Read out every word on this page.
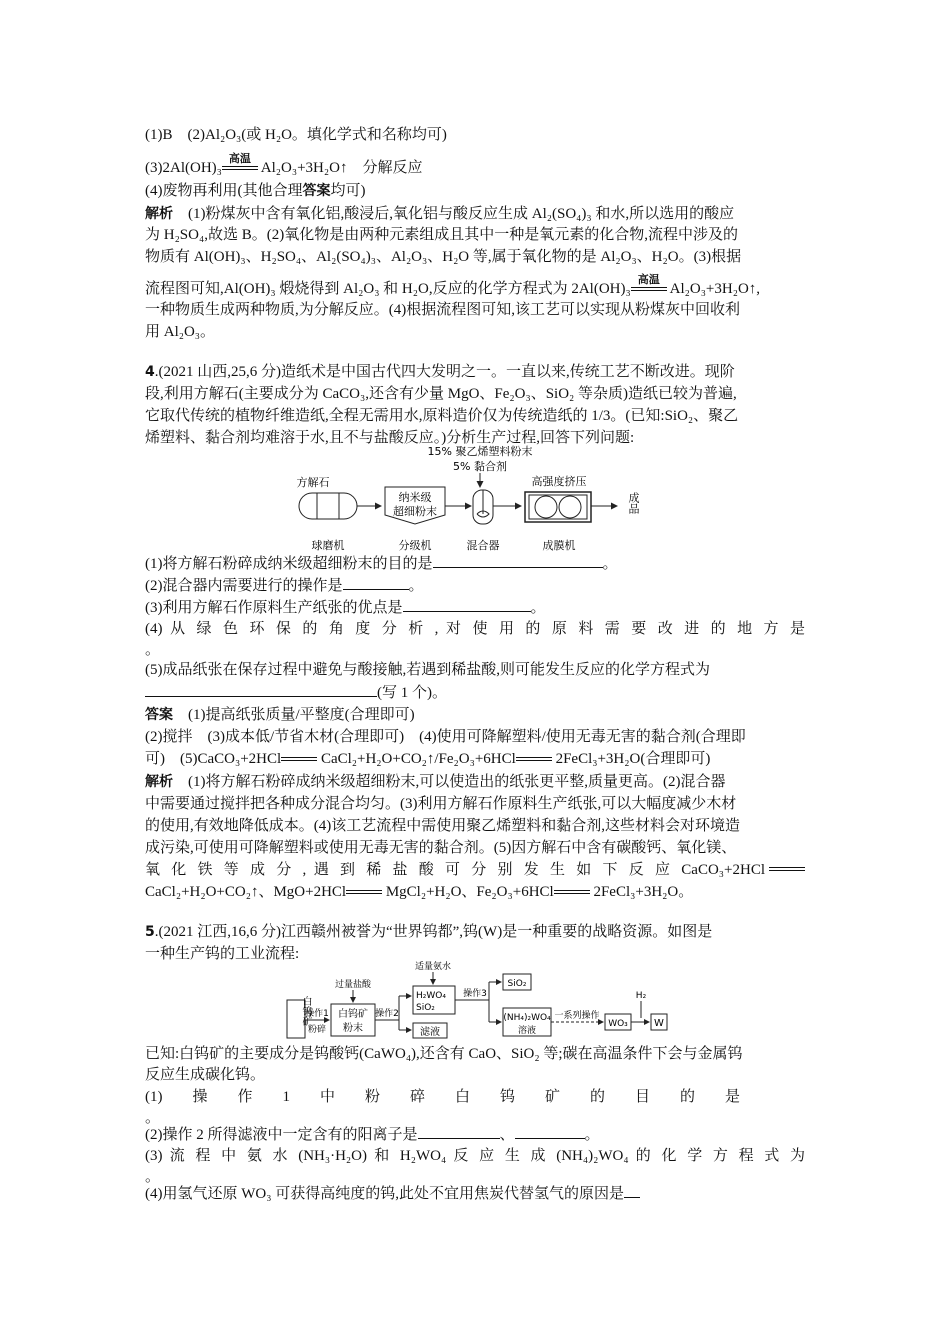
(1)B　(2)Al₂O₃(或 H₂O。填化学式和名称均可)
(3)2Al(OH)₃
高温
Al₂O₃+3H₂O↑　分解反应
(4)废物再利用(其他合理答案均可)
解析　 (1)粉煤灰中含有氧化铝,酸浸后,氧化铝与酸反应生成 Al₂(SO₄)₃ 和水,所以选用的酸应
为 H₂SO₄,故选 B。(2)氧化物是由两种元素组成且其中一种是氧元素的化合物,流程中涉及的
物质有 Al(OH)₃、H₂SO₄、Al₂(SO₄)₃、Al₂O₃、H₂O 等,属于氧化物的是 Al₂O₃、H₂O。(3)根据
流程图可知,Al(OH)₃ 煅烧得到 Al₂O₃ 和 H₂O,反应的化学方程式为 2Al(OH)₃
高温
Al₂O₃+3H₂O↑,
一种物质生成两种物质,为分解反应。(4)根据流程图可知,该工艺可以实现从粉煤灰中回收利
用 Al₂O₃。
4.(2021 山西,25,6 分)造纸术是中国古代四大发明之一。一直以来,传统工艺不断改进。现阶
段,利用方解石(主要成分为 CaCO₃,还含有少量 MgO、Fe₂O₃、SiO₂ 等杂质)造纸已较为普遍,
它取代传统的植物纤维造纸,全程无需用水,原料造价仅为传统造纸的 1/3。(已知:SiO₂、聚乙
烯塑料、黏合剂均难溶于水,且不与盐酸反应。)分析生产过程,回答下列问题:
15% 聚乙烯塑料粉末
5% 黏合剂
方解石
纳米级
超细粉末
高强度挤压
成品
球磨机	分级机	混合器	成膜机
(1)将方解石粉碎成纳米级超细粉末的目的是	。
(2)混合器内需要进行的操作是	。
(3)利用方解石作原料生产纸张的优点是	。
(4) 从 绿 色 环 保 的 角 度 分 析 , 对 使 用 的 原 料 需 要 改 进 的 地 方 是
。
(5)成品纸张在保存过程中避免与酸接触,若遇到稀盐酸,则可能发生反应的化学方程式为
(写 1 个)。
答案　 (1)提高纸张质量/平整度(合理即可)
(2)搅拌　(3)成本低/节省木材(合理即可)　(4)使用可降解塑料/使用无毒无害的黏合剂(合理即
可)　(5)CaCO₃+2HCl CaCl₂+H₂O+CO₂↑/Fe₂O₃+6HCl 2FeCl₃+3H₂O(合理即可)
解析　 (1)将方解石粉碎成纳米级超细粉末,可以使造出的纸张更平整,质量更高。(2)混合器
中需要通过搅拌把各种成分混合均匀。(3)利用方解石作原料生产纸张,可以大幅度减少木材
的使用,有效地降低成本。(4)该工艺流程中需使用聚乙烯塑料和黏合剂,这些材料会对环境造
成污染,可使用可降解塑料或使用无毒无害的黏合剂。(5)因方解石中含有碳酸钙、氧化镁、
氧 化 铁 等 成 分 , 遇 到 稀 盐 酸 可 分 别 发 生 如 下 反 应 CaCO₃+2HCl
CaCl₂+H₂O+CO₂↑、MgO+2HCl MgCl₂+H₂O、Fe₂O₃+6HCl 2FeCl₃+3H₂O。
5.(2021 江西,16,6 分)江西赣州被誉为“世界钨都”,钨(W)是一种重要的战略资源。如图是
一种生产钨的工业流程:
白钨矿
操作1
粉碎
过量盐酸
白钨矿
粉末
操作2
适量氨水
H₂WO₄
SiO₂
滤液
操作3
SiO₂
(NH₄)₂WO₄
溶液
一系列操作
WO₃
H₂
W
已知:白钨矿的主要成分是钨酸钙(CaWO₄),还含有 CaO、SiO₂ 等;碳在高温条件下会与金属钨
反应生成碳化钨。
(1)　　操　　作　　1　　中　　粉　　碎　　白　　钨　　矿　　的　　目　　的　　是
。
(2)操作 2 所得滤液中一定含有的阳离子是	、	。
(3) 流 程 中 氨 水 (NH₃·H₂O) 和 H₂WO₄ 反 应 生 成 (NH₄)₂WO₄ 的 化 学 方 程 式 为
。
(4)用氢气还原 WO₃ 可获得高纯度的钨,此处不宜用焦炭代替氢气的原因是
